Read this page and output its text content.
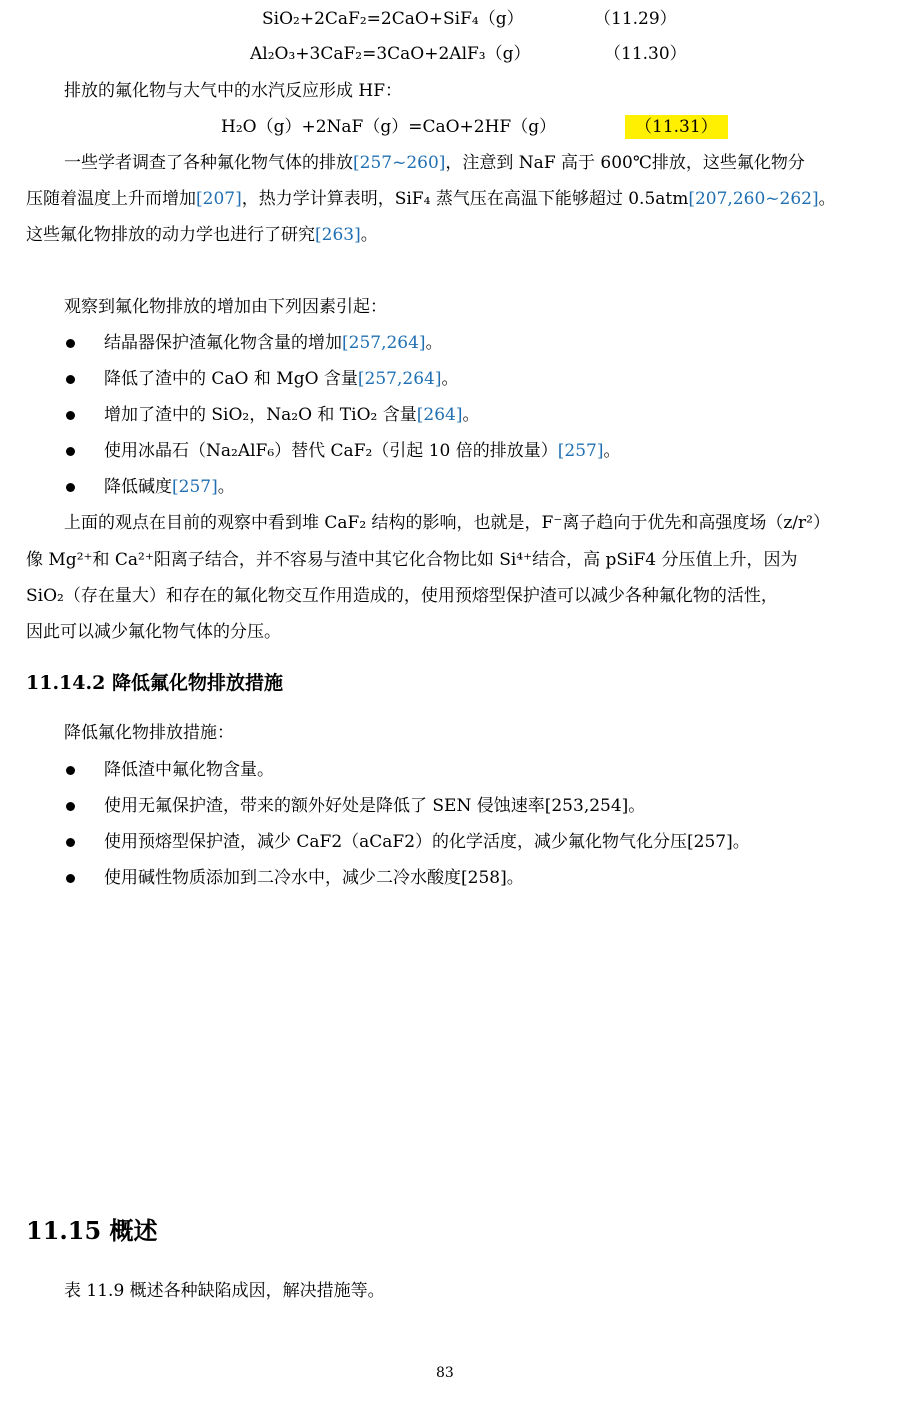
SiO₂+2CaF₂=2CaO+SiF₄（g）	（11.29）
Al₂O₃+3CaF₂=3CaO+2AlF₃（g）	（11.30）
排放的氟化物与大气中的水汽反应形成 HF：
H₂O（g）+2NaF（g）=CaO+2HF（g）	（11.31）
一些学者调查了各种氟化物气体的排放[257~260]，注意到 NaF 高于 600℃排放，这些氟化物分
压随着温度上升而增加[207]，热力学计算表明，SiF₄ 蒸气压在高温下能够超过 0.5atm[207,260~262]。
这些氟化物排放的动力学也进行了研究[263]。
观察到氟化物排放的增加由下列因素引起：
结晶器保护渣氟化物含量的增加[257,264]。
降低了渣中的 CaO 和 MgO 含量[257,264]。
增加了渣中的 SiO₂，Na₂O 和 TiO₂ 含量[264]。
使用冰晶石（Na₂AlF₆）替代 CaF₂（引起 10 倍的排放量）[257]。
降低碱度[257]。
上面的观点在目前的观察中看到堆 CaF₂ 结构的影响，也就是，F⁻离子趋向于优先和高强度场（z/r²）
像 Mg²⁺和 Ca²⁺阳离子结合，并不容易与渣中其它化合物比如 Si⁴⁺结合，高 pSiF4 分压值上升，因为
SiO₂（存在量大）和存在的氟化物交互作用造成的，使用预熔型保护渣可以减少各种氟化物的活性，
因此可以减少氟化物气体的分压。
11.14.2 降低氟化物排放措施
降低氟化物排放措施：
降低渣中氟化物含量。
使用无氟保护渣，带来的额外好处是降低了 SEN 侵蚀速率[253,254]。
使用预熔型保护渣，减少 CaF2（aCaF2）的化学活度，减少氟化物气化分压[257]。
使用碱性物质添加到二冷水中，减少二冷水酸度[258]。
11.15 概述
表 11.9 概述各种缺陷成因，解决措施等。
83
